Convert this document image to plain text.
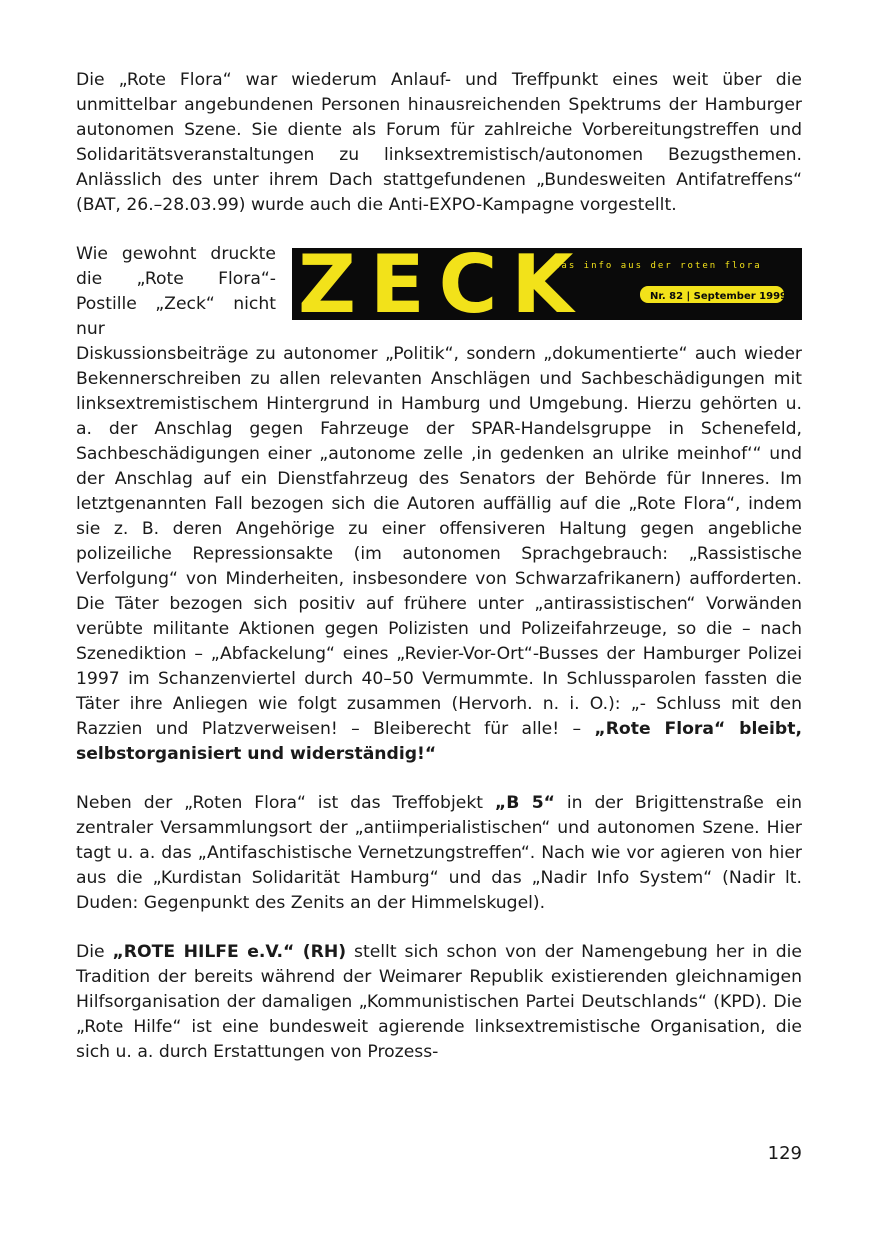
Die „Rote Flora“ war wiederum Anlauf- und Treffpunkt eines weit über die unmittelbar angebundenen Personen hinausreichenden Spektrums der Hamburger autonomen Szene. Sie diente als Forum für zahlreiche Vorbereitungstreffen und Solidaritätsveranstaltungen zu linksextremistisch/autonomen Bezugsthemen. Anlässlich des unter ihrem Dach stattgefundenen „Bundesweiten Antifatreffens“ (BAT, 26.–28.03.99) wurde auch die Anti-EXPO-Kampagne vorgestellt.

ZECK
das info aus der roten flora
Nr. 82 | September 1999
Wie gewohnt druckte die „Rote Flora“-Postille „Zeck“ nicht nur Diskussionsbeiträge zu autonomer „Politik“, sondern „dokumentierte“ auch wieder Bekennerschreiben zu allen relevanten Anschlägen und Sachbeschädigungen mit linksextremistischem Hintergrund in Hamburg und Umgebung. Hierzu gehörten u. a. der Anschlag gegen Fahrzeuge der SPAR-Handelsgruppe in Schenefeld, Sachbeschädigungen einer „autonome zelle ‚in gedenken an ulrike meinhof‘“ und der Anschlag auf ein Dienstfahrzeug des Senators der Behörde für Inneres. Im letztgenannten Fall bezogen sich die Autoren auffällig auf die „Rote Flora“, indem sie z. B. deren Angehörige zu einer offensiveren Haltung gegen angebliche polizeiliche Repressionsakte (im autonomen Sprachgebrauch: „Rassistische Verfolgung“ von Minderheiten, insbesondere von Schwarzafrikanern) aufforderten. Die Täter bezogen sich positiv auf frühere unter „antirassistischen“ Vorwänden verübte militante Aktionen gegen Polizisten und Polizeifahrzeuge, so die – nach Szenediktion – „Abfackelung“ eines „Revier-Vor-Ort“-Busses der Hamburger Polizei 1997 im Schanzenviertel durch 40–50 Vermummte. In Schlussparolen fassten die Täter ihre Anliegen wie folgt zusammen (Hervorh. n. i. O.): „- Schluss mit den Razzien und Platzverweisen! – Bleiberecht für alle! – „Rote Flora“ bleibt, selbstorganisiert und widerständig!“

Neben der „Roten Flora“ ist das Treffobjekt „B 5“ in der Brigittenstraße ein zentraler Versammlungsort der „antiimperialistischen“ und autonomen Szene. Hier tagt u. a. das „Antifaschistische Vernetzungstreffen“. Nach wie vor agieren von hier aus die „Kurdistan Solidarität Hamburg“ und das „Nadir Info System“ (Nadir lt. Duden: Gegenpunkt des Zenits an der Himmelskugel).

Die „ROTE HILFE e.V.“ (RH) stellt sich schon von der Namengebung her in die Tradition der bereits während der Weimarer Republik existierenden gleichnamigen Hilfsorganisation der damaligen „Kommunistischen Partei Deutschlands“ (KPD). Die „Rote Hilfe“ ist eine bundesweit agierende linksextremistische Organisation, die sich u. a. durch Erstattungen von Prozess-

129
